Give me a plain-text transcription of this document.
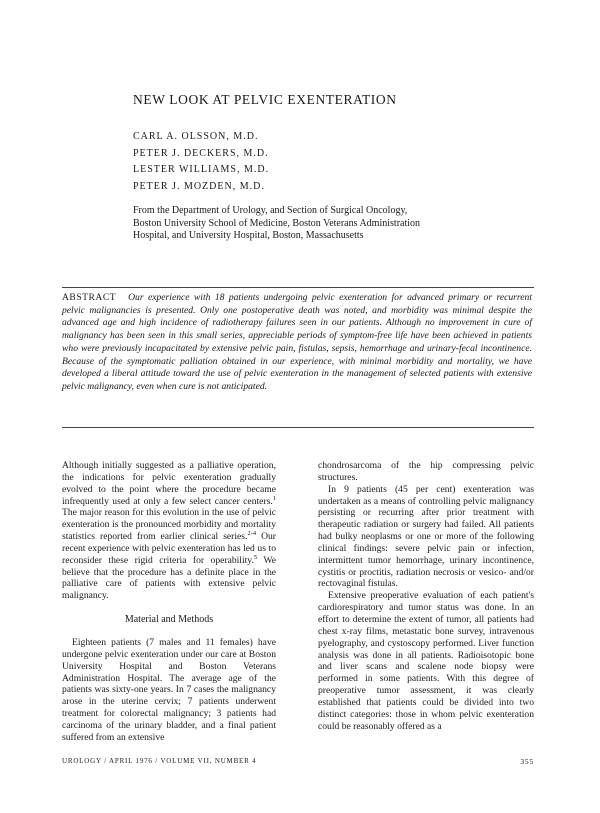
NEW LOOK AT PELVIC EXENTERATION
CARL A. OLSSON, M.D.
PETER J. DECKERS, M.D.
LESTER WILLIAMS, M.D.
PETER J. MOZDEN, M.D.

From the Department of Urology, and Section of Surgical Oncology, Boston University School of Medicine, Boston Veterans Administration Hospital, and University Hospital, Boston, Massachusetts

ABSTRACT Our experience with 18 patients undergoing pelvic exenteration for advanced primary or recurrent pelvic malignancies is presented. Only one postoperative death was noted, and morbidity was minimal despite the advanced age and high incidence of radiotherapy failures seen in our patients. Although no improvement in cure of malignancy has been seen in this small series, appreciable periods of symptom-free life have been achieved in patients who were previously incapacitated by extensive pelvic pain, fistulas, sepsis, hemorrhage and urinary-fecal incontinence. Because of the symptomatic palliation obtained in our experience, with minimal morbidity and mortality, we have developed a liberal attitude toward the use of pelvic exenteration in the management of selected patients with extensive pelvic malignancy, even when cure is not anticipated.

Although initially suggested as a palliative operation, the indications for pelvic exenteration gradually evolved to the point where the procedure became infrequently used at only a few select cancer centers.$^1$ The major reason for this evolution in the use of pelvic exenteration is the pronounced morbidity and mortality statistics reported from earlier clinical series.$^{2-4}$ Our recent experience with pelvic exenteration has led us to reconsider these rigid criteria for operability.$^5$ We believe that the procedure has a definite place in the palliative care of patients with extensive pelvic malignancy.

Material and Methods

Eighteen patients (7 males and 11 females) have undergone pelvic exenteration under our care at Boston University Hospital and Boston Veterans Administration Hospital. The average age of the patients was sixty-one years. In 7 cases the malignancy arose in the uterine cervix; 7 patients underwent treatment for colorectal malignancy; 3 patients had carcinoma of the urinary bladder, and a final patient suffered from an extensive

chondrosarcoma of the hip compressing pelvic structures.

In 9 patients (45 per cent) exenteration was undertaken as a means of controlling pelvic malignancy persisting or recurring after prior treatment with therapeutic radiation or surgery had failed. All patients had bulky neoplasms or one or more of the following clinical findings: severe pelvic pain or infection, intermittent tumor hemorrhage, urinary incontinence, cystitis or proctitis, radiation necrosis or vesico- and/or rectovaginal fistulas.

Extensive preoperative evaluation of each patient's cardiorespiratory and tumor status was done. In an effort to determine the extent of tumor, all patients had chest x-ray films, metastatic bone survey, intravenous pyelography, and cystoscopy performed. Liver function analysis was done in all patients. Radioisotopic bone and liver scans and scalene node biopsy were performed in some patients. With this degree of preoperative tumor assessment, it was clearly established that patients could be divided into two distinct categories: those in whom pelvic exenteration could be reasonably offered as a

UROLOGY / APRIL 1976 / VOLUME VII, NUMBER 4	355
